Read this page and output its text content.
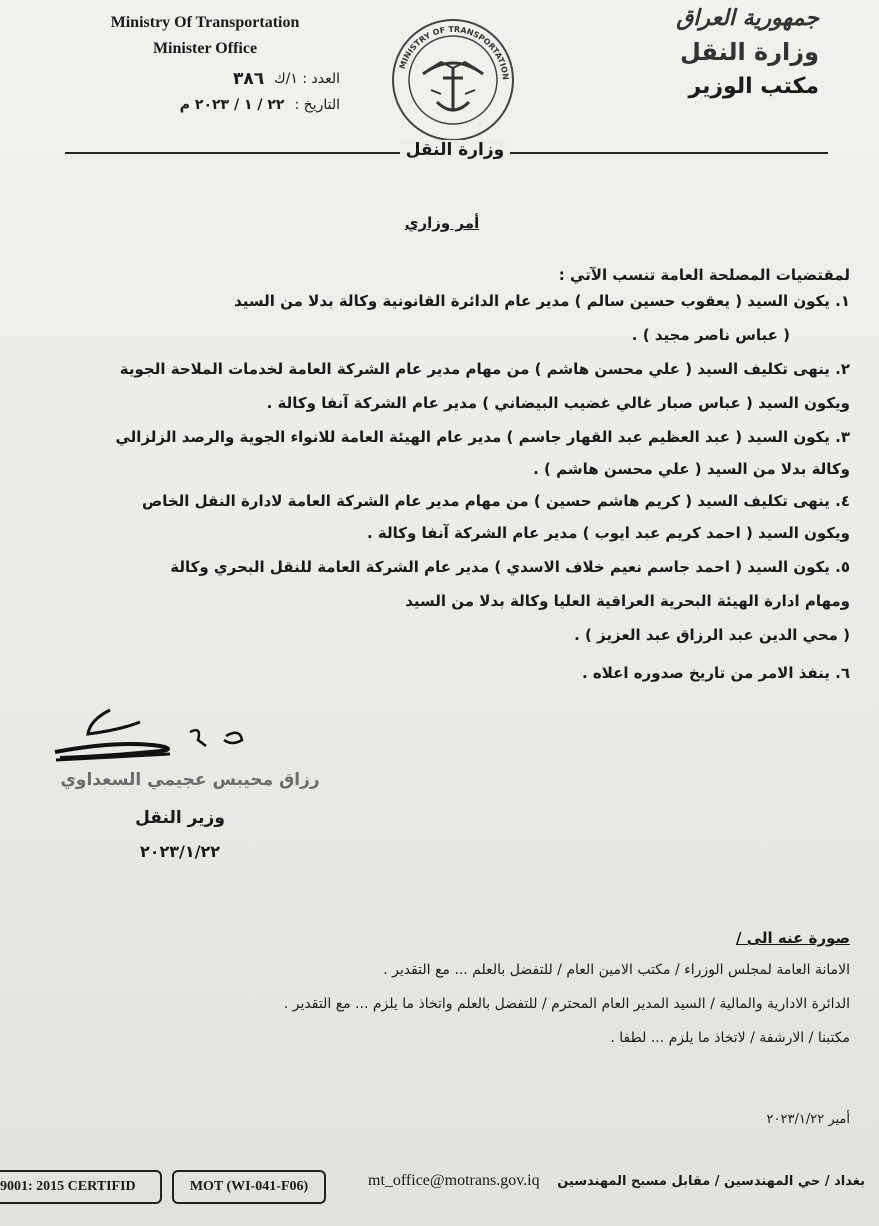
Ministry Of Transportation
Minister Office
جمهورية العراق
وزارة النقل
مكتب الوزير
العدد : ١/ك
٣٨٦
التاريخ :
٢٢ / ١ / ٢٠٢٣ م
MINISTRY OF TRANSPORTATION
وزارة النقل
أمر وزاري
لمقتضيات المصلحة العامة تنسب الآتي :
١. يكون السيد ( يعقوب حسين سالم ) مدير عام الدائرة القانونية وكالة بدلا من السيد
( عباس ناصر مجيد ) .
٢. ينهى تكليف السيد ( علي محسن هاشم ) من مهام مدير عام الشركة العامة لخدمات الملاحة الجوية
ويكون السيد ( عباس صبار غالي غضيب البيضاني ) مدير عام الشركة آنفا وكالة .
٣. يكون السيد ( عبد العظيم عبد القهار جاسم ) مدير عام الهيئة العامة للانواء الجوية والرصد الزلزالي
وكالة بدلا من السيد ( علي محسن هاشم ) .
٤. ينهى تكليف السيد ( كريم هاشم حسين ) من مهام مدير عام الشركة العامة لادارة النقل الخاص
ويكون السيد ( احمد كريم عبد ايوب ) مدير عام الشركة آنفا وكالة .
٥. يكون السيد ( احمد جاسم نعيم خلاف الاسدي ) مدير عام الشركة العامة للنقل البحري وكالة
ومهام ادارة الهيئة البحرية العراقية العليا وكالة بدلا من السيد
( محي الدين عبد الرزاق عبد العزيز ) .
٦. ينفذ الامر من تاريخ صدوره اعلاه .
رزاق محيبس عجيمي السعداوي
وزير النقل
٢٠٢٣/١/٢٢
صورة عنه الى /
الامانة العامة لمجلس الوزراء / مكتب الامين العام / للتفضل بالعلم ... مع التقدير .
الدائرة الادارية والمالية / السيد المدير العام المحترم / للتفضل بالعلم واتخاذ ما يلزم ... مع التقدير .
مكتبنا / الارشفة / لاتخاذ ما يلزم ... لطفا .
أمير ٢٠٢٣/١/٢٢
9001: 2015 CERTIFID	MOT (WI-041-F06)	mt_office@motrans.gov.iq بغداد / حي المهندسين / مقابل مسبح المهندسين
